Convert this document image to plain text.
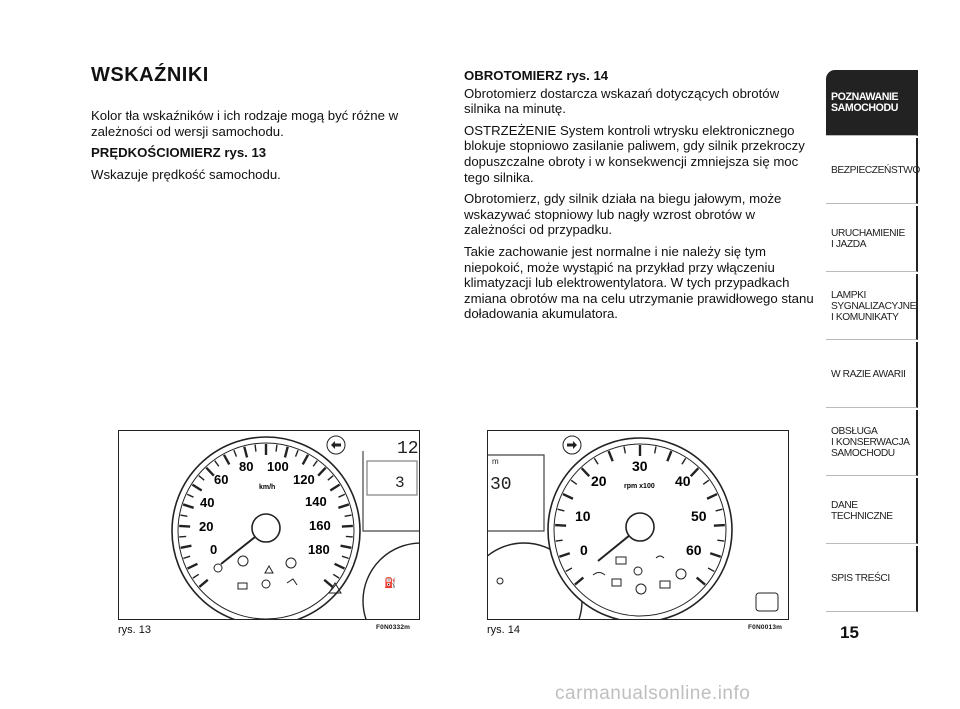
WSKAŹNIKI

Kolor tła wskaźników i ich rodzaje mogą być różne w zależności od wersji samochodu.

PRĘDKOŚCIOMIERZ rys. 13

Wskazuje prędkość samochodu.

OBROTOMIERZ rys. 14

Obrotomierz dostarcza wskazań dotyczących obrotów silnika na minutę.

OSTRZEŻENIE System kontroli wtrysku elektronicznego blokuje stopniowo zasilanie paliwem, gdy silnik przekroczy dopuszczalne obroty i w konsekwencji zmniejsza się moc tego silnika.

Obrotomierz, gdy silnik działa na biegu jałowym, może wskazywać stopniowy lub nagły wzrost obrotów w zależności od przypadku.

Takie zachowanie jest normalne i nie należy się tym niepokoić, może wystąpić na przykład przy włączeniu klimatyzacji lub elektrowentylatora. W tych przypadkach zmiana obrotów ma na celu utrzymanie prawidłowego stanu doładowania akumulatora.

POZNAWANIE
SAMOCHODU
BEZPIECZEŃSTWO
URUCHAMIENIE
I JAZDA
LAMPKI
SYGNALIZACYJNE
I KOMUNIKATY
W RAZIE AWARII
OBSŁUGA
I KONSERWACJA
SAMOCHODU
DANE TECHNICZNE
SPIS TREŚCI
15
0
20
40
60
80 100
120
140
160
180
km/h
12
3
⛽
rys. 13	F0N0332m
m
30
0
10
20
30
40
50
60
rpm x100
rys. 14	F0N0013m
carmanualsonline.info
